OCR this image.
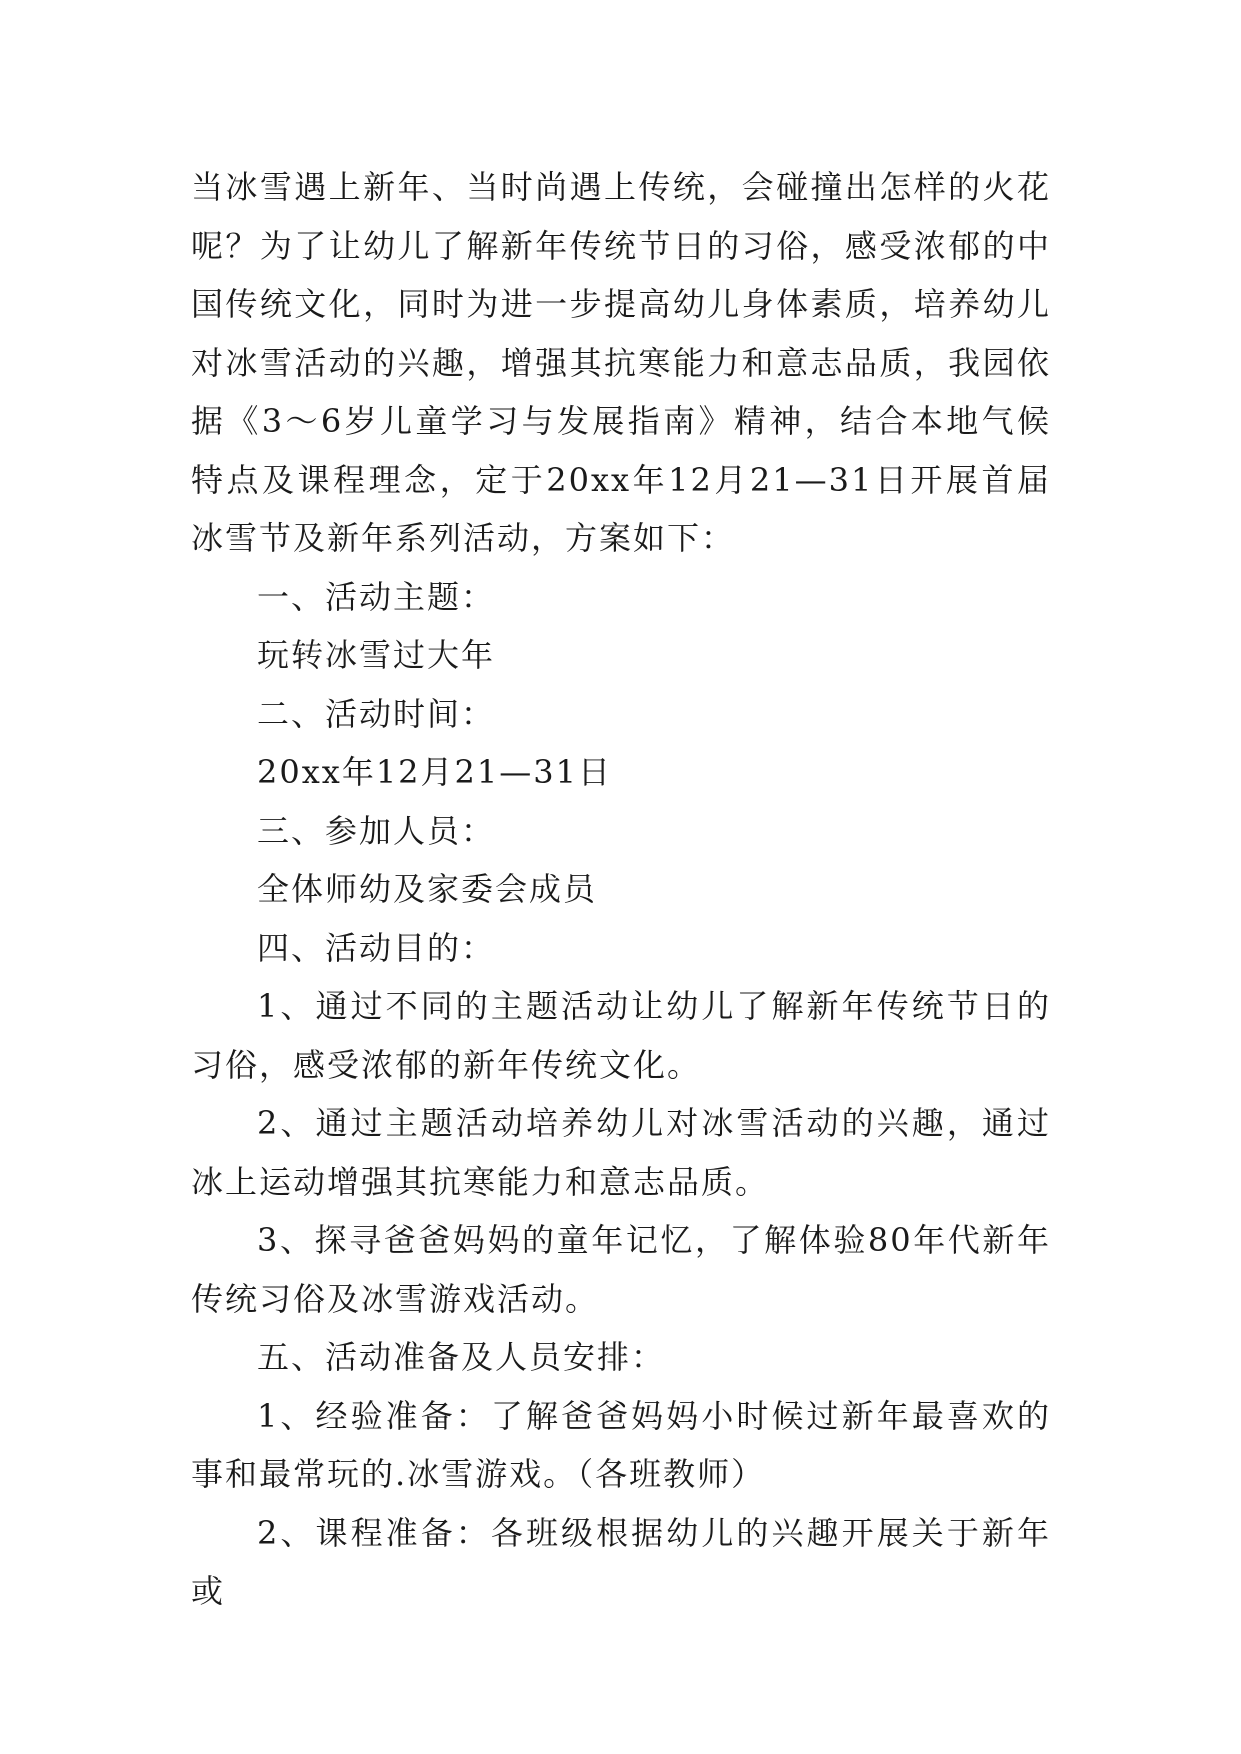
当冰雪遇上新年、当时尚遇上传统，会碰撞出怎样的火花呢？为了让幼儿了解新年传统节日的习俗，感受浓郁的中国传统文化，同时为进一步提高幼儿身体素质，培养幼儿对冰雪活动的兴趣，增强其抗寒能力和意志品质，我园依据《3～6岁儿童学习与发展指南》精神，结合本地气候特点及课程理念，定于20xx年12月21—31日开展首届冰雪节及新年系列活动，方案如下：

一、活动主题：

玩转冰雪过大年

二、活动时间：

20xx年12月21—31日

三、参加人员：

全体师幼及家委会成员

四、活动目的：

1、通过不同的主题活动让幼儿了解新年传统节日的习俗，感受浓郁的新年传统文化。

2、通过主题活动培养幼儿对冰雪活动的兴趣，通过冰上运动增强其抗寒能力和意志品质。

3、探寻爸爸妈妈的童年记忆，了解体验80年代新年传统习俗及冰雪游戏活动。

五、活动准备及人员安排：

1、经验准备：了解爸爸妈妈小时候过新年最喜欢的事和最常玩的.冰雪游戏。（各班教师）

2、课程准备：各班级根据幼儿的兴趣开展关于新年或
